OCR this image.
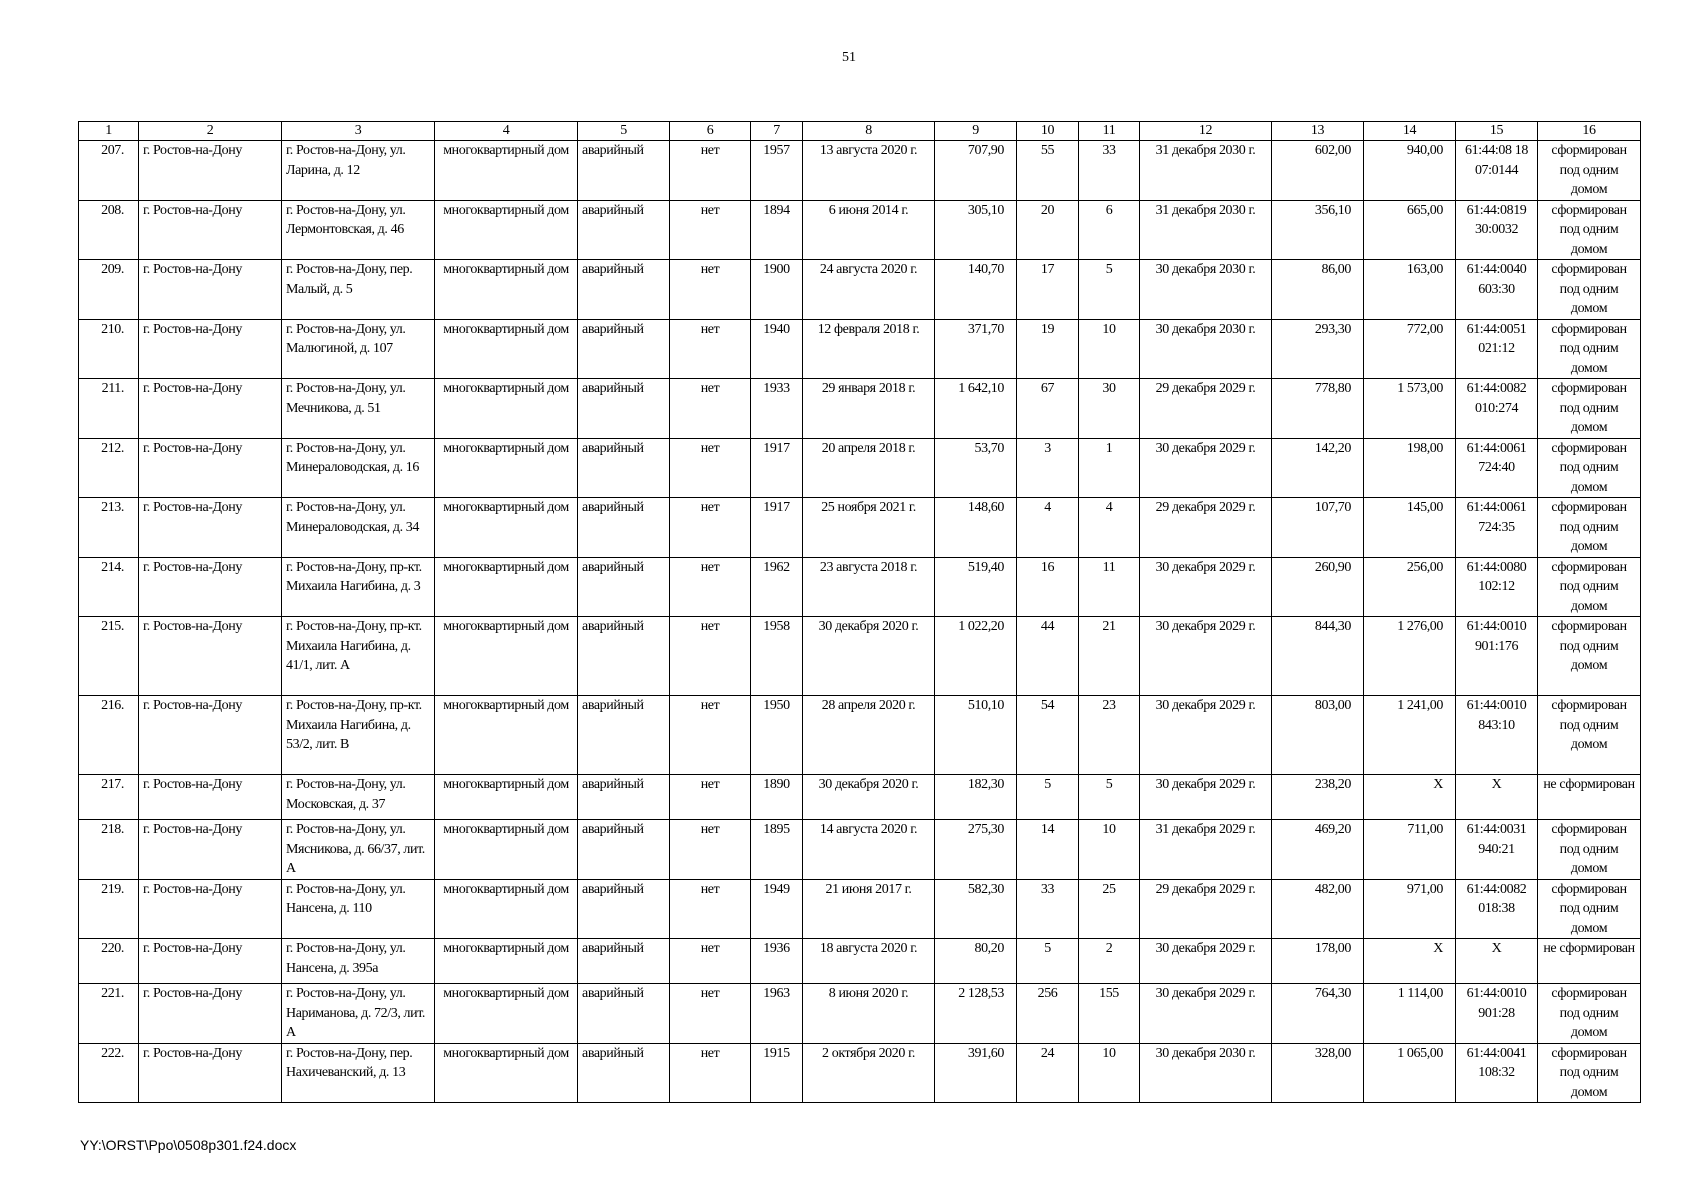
51
1	2	3	4	5	6	7	8	9	10	11	12	13	14	15	16
207.	г. Ростов-на-Дону	г. Ростов-на-Дону, ул. Ларина, д. 12	многоквартирный дом	аварийный	нет	1957	13 августа 2020 г.	707,90	55	33	31 декабря 2030 г.	602,00	940,00	61:44:08 18 07:0144	сформирован под одним домом
208.	г. Ростов-на-Дону	г. Ростов-на-Дону, ул. Лермонтовская, д. 46	многоквартирный дом	аварийный	нет	1894	6 июня 2014 г.	305,10	20	6	31 декабря 2030 г.	356,10	665,00	61:44:0819 30:0032	сформирован под одним домом
209.	г. Ростов-на-Дону	г. Ростов-на-Дону, пер. Малый, д. 5	многоквартирный дом	аварийный	нет	1900	24 августа 2020 г.	140,70	17	5	30 декабря 2030 г.	86,00	163,00	61:44:0040 603:30	сформирован под одним домом
210.	г. Ростов-на-Дону	г. Ростов-на-Дону, ул. Малюгиной, д. 107	многоквартирный дом	аварийный	нет	1940	12 февраля 2018 г.	371,70	19	10	30 декабря 2030 г.	293,30	772,00	61:44:0051 021:12	сформирован под одним домом
211.	г. Ростов-на-Дону	г. Ростов-на-Дону, ул. Мечникова, д. 51	многоквартирный дом	аварийный	нет	1933	29 января 2018 г.	1 642,10	67	30	29 декабря 2029 г.	778,80	1 573,00	61:44:0082 010:274	сформирован под одним домом
212.	г. Ростов-на-Дону	г. Ростов-на-Дону, ул. Минераловодская, д. 16	многоквартирный дом	аварийный	нет	1917	20 апреля 2018 г.	53,70	3	1	30 декабря 2029 г.	142,20	198,00	61:44:0061 724:40	сформирован под одним домом
213.	г. Ростов-на-Дону	г. Ростов-на-Дону, ул. Минераловодская, д. 34	многоквартирный дом	аварийный	нет	1917	25 ноября 2021 г.	148,60	4	4	29 декабря 2029 г.	107,70	145,00	61:44:0061 724:35	сформирован под одним домом
214.	г. Ростов-на-Дону	г. Ростов-на-Дону, пр-кт. Михаила Нагибина, д. 3	многоквартирный дом	аварийный	нет	1962	23 августа 2018 г.	519,40	16	11	30 декабря 2029 г.	260,90	256,00	61:44:0080 102:12	сформирован под одним домом
215.	г. Ростов-на-Дону	г. Ростов-на-Дону, пр-кт. Михаила Нагибина, д. 41/1, лит. А	многоквартирный дом	аварийный	нет	1958	30 декабря 2020 г.	1 022,20	44	21	30 декабря 2029 г.	844,30	1 276,00	61:44:0010 901:176	сформирован под одним домом
216.	г. Ростов-на-Дону	г. Ростов-на-Дону, пр-кт. Михаила Нагибина, д. 53/2, лит. В	многоквартирный дом	аварийный	нет	1950	28 апреля 2020 г.	510,10	54	23	30 декабря 2029 г.	803,00	1 241,00	61:44:0010 843:10	сформирован под одним домом
217.	г. Ростов-на-Дону	г. Ростов-на-Дону, ул. Московская, д. 37	многоквартирный дом	аварийный	нет	1890	30 декабря 2020 г.	182,30	5	5	30 декабря 2029 г.	238,20	X	X	не сформирован
218.	г. Ростов-на-Дону	г. Ростов-на-Дону, ул. Мясникова, д. 66/37, лит. А	многоквартирный дом	аварийный	нет	1895	14 августа 2020 г.	275,30	14	10	31 декабря 2029 г.	469,20	711,00	61:44:0031 940:21	сформирован под одним домом
219.	г. Ростов-на-Дону	г. Ростов-на-Дону, ул. Нансена, д. 110	многоквартирный дом	аварийный	нет	1949	21 июня 2017 г.	582,30	33	25	29 декабря 2029 г.	482,00	971,00	61:44:0082 018:38	сформирован под одним домом
220.	г. Ростов-на-Дону	г. Ростов-на-Дону, ул. Нансена, д. 395а	многоквартирный дом	аварийный	нет	1936	18 августа 2020 г.	80,20	5	2	30 декабря 2029 г.	178,00	X	X	не сформирован
221.	г. Ростов-на-Дону	г. Ростов-на-Дону, ул. Нариманова, д. 72/3, лит. А	многоквартирный дом	аварийный	нет	1963	8 июня 2020 г.	2 128,53	256	155	30 декабря 2029 г.	764,30	1 114,00	61:44:0010 901:28	сформирован под одним домом
222.	г. Ростов-на-Дону	г. Ростов-на-Дону, пер. Нахичеванский, д. 13	многоквартирный дом	аварийный	нет	1915	2 октября 2020 г.	391,60	24	10	30 декабря 2030 г.	328,00	1 065,00	61:44:0041 108:32	сформирован под одним домом
YY:\ORST\Ppo\0508p301.f24.docx
